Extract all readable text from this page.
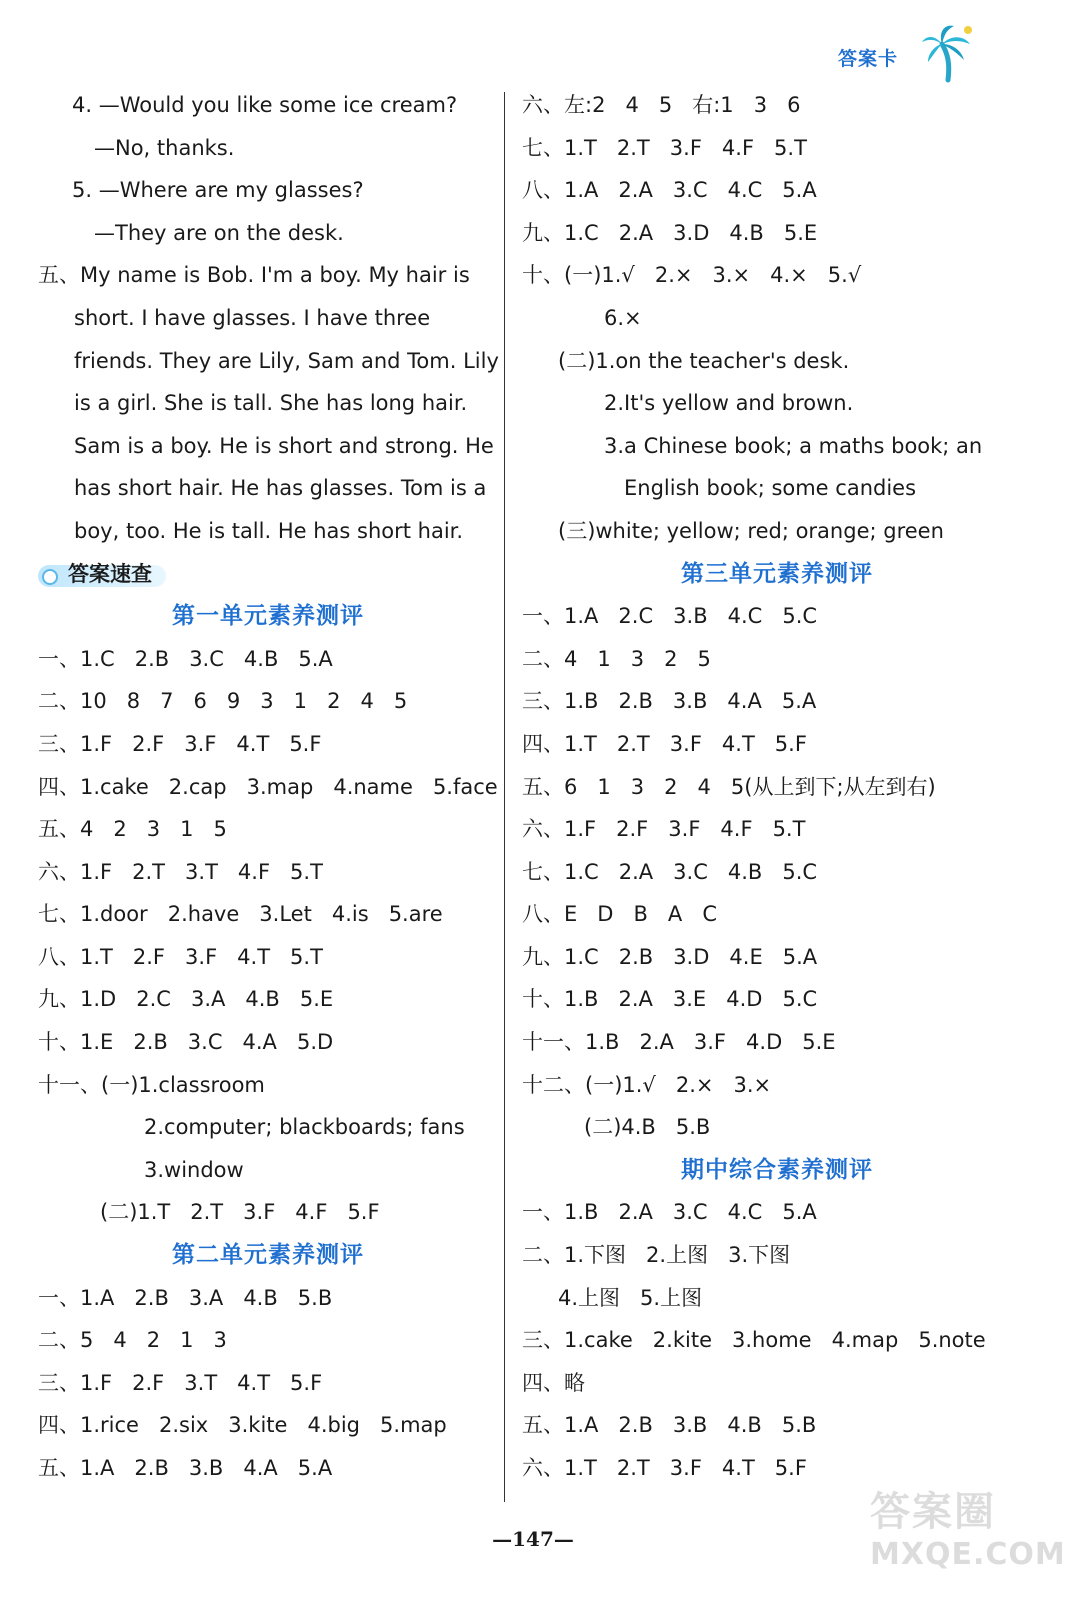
答案卡
4. —Would you like some ice cream?
—No, thanks.
5. —Where are my glasses?
—They are on the desk.
五、My name is Bob. I'm a boy. My hair is
short. I have glasses. I have three
friends. They are Lily, Sam and Tom. Lily
is a girl. She is tall. She has long hair.
Sam is a boy. He is short and strong. He
has short hair. He has glasses. Tom is a
boy, too. He is tall. He has short hair.
答案速查
第一单元素养测评
一、1.C   2.B   3.C   4.B   5.A
二、10   8   7   6   9   3   1   2   4   5
三、1.F   2.F   3.F   4.T   5.F
四、1.cake   2.cap   3.map   4.name   5.face
五、4   2   3   1   5
六、1.F   2.T   3.T   4.F   5.T
七、1.door   2.have   3.Let   4.is   5.are
八、1.T   2.F   3.F   4.T   5.T
九、1.D   2.C   3.A   4.B   5.E
十、1.E   2.B   3.C   4.A   5.D
十一、(一)1.classroom
2.computer; blackboards; fans
3.window
(二)1.T   2.T   3.F   4.F   5.F
第二单元素养测评
一、1.A   2.B   3.A   4.B   5.B
二、5   4   2   1   3
三、1.F   2.F   3.T   4.T   5.F
四、1.rice   2.six   3.kite   4.big   5.map
五、1.A   2.B   3.B   4.A   5.A
六、左:2   4   5   右:1   3   6
七、1.T   2.T   3.F   4.F   5.T
八、1.A   2.A   3.C   4.C   5.A
九、1.C   2.A   3.D   4.B   5.E
十、(一)1.√   2.×   3.×   4.×   5.√
6.×
(二)1.on the teacher's desk.
2.It's yellow and brown.
3.a Chinese book; a maths book; an
English book; some candies
(三)white; yellow; red; orange; green
第三单元素养测评
一、1.A   2.C   3.B   4.C   5.C
二、4   1   3   2   5
三、1.B   2.B   3.B   4.A   5.A
四、1.T   2.T   3.F   4.T   5.F
五、6   1   3   2   4   5(从上到下;从左到右)
六、1.F   2.F   3.F   4.F   5.T
七、1.C   2.A   3.C   4.B   5.C
八、E   D   B   A   C
九、1.C   2.B   3.D   4.E   5.A
十、1.B   2.A   3.E   4.D   5.C
十一、1.B   2.A   3.F   4.D   5.E
十二、(一)1.√   2.×   3.×
(二)4.B   5.B
期中综合素养测评
一、1.B   2.A   3.C   4.C   5.A
二、1.下图   2.上图   3.下图
4.上图   5.上图
三、1.cake   2.kite   3.home   4.map   5.note
四、略
五、1.A   2.B   3.B   4.B   5.B
六、1.T   2.T   3.F   4.T   5.F
—147—
答案圈
MXQE.COM
